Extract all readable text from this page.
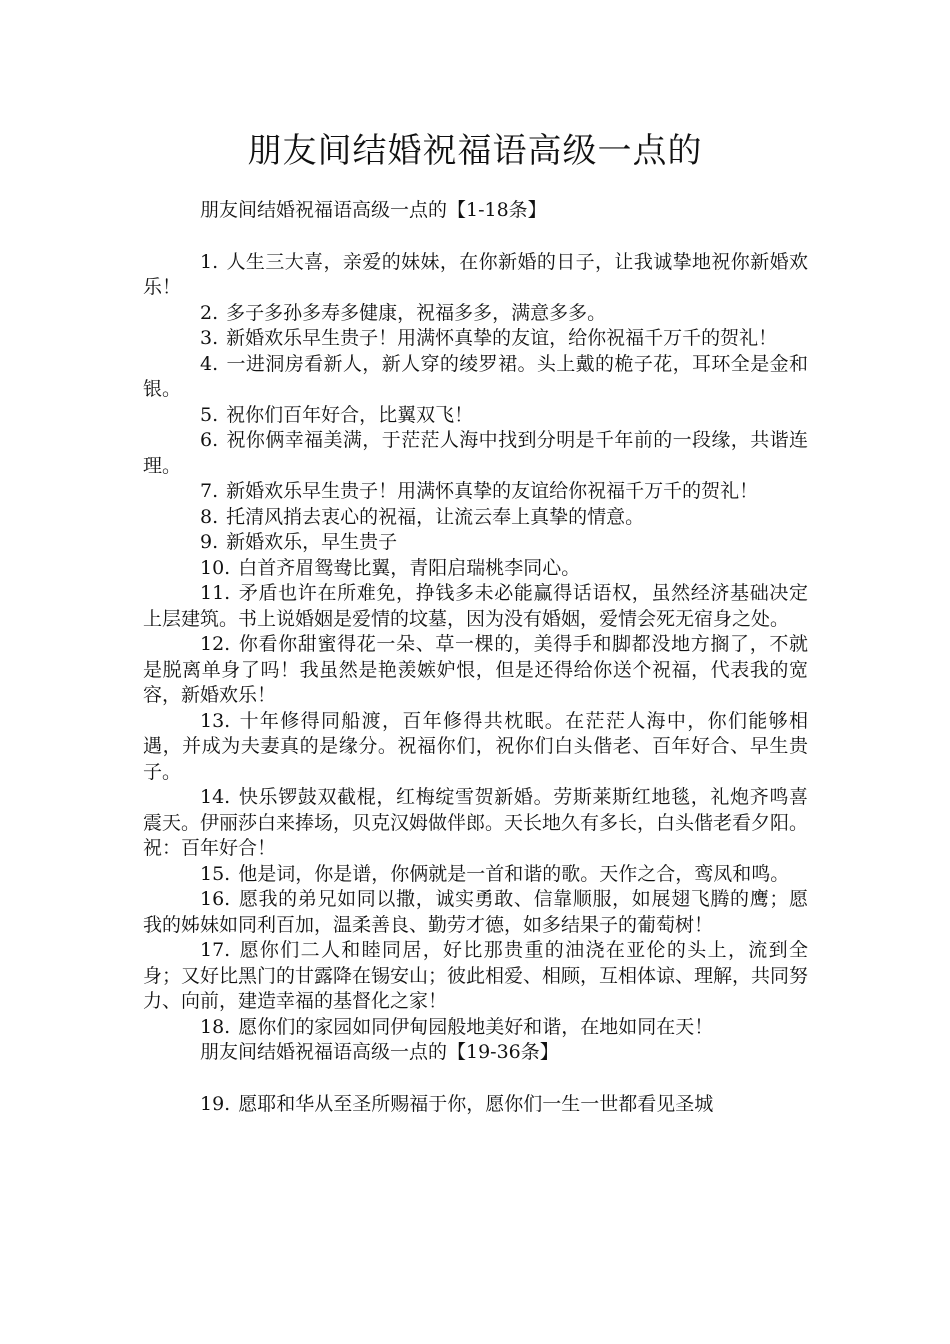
朋友间结婚祝福语高级一点的

朋友间结婚祝福语高级一点的【1-18条】

1. 人生三大喜，亲爱的妹妹，在你新婚的日子，让我诚挚地祝你新婚欢乐！

2. 多子多孙多寿多健康，祝福多多，满意多多。

3. 新婚欢乐早生贵子！用满怀真挚的友谊，给你祝福千万千的贺礼！

4. 一进洞房看新人，新人穿的绫罗裙。头上戴的桅子花，耳环全是金和银。

5. 祝你们百年好合，比翼双飞！

6. 祝你俩幸福美满，于茫茫人海中找到分明是千年前的一段缘，共谐连理。

7. 新婚欢乐早生贵子！用满怀真挚的友谊给你祝福千万千的贺礼！

8. 托清风捎去衷心的祝福，让流云奉上真挚的情意。

9. 新婚欢乐，早生贵子

10. 白首齐眉鸳鸯比翼，青阳启瑞桃李同心。

11. 矛盾也许在所难免，挣钱多未必能赢得话语权，虽然经济基础决定上层建筑。书上说婚姻是爱情的坟墓，因为没有婚姻，爱情会死无宿身之处。

12. 你看你甜蜜得花一朵、草一棵的，美得手和脚都没地方搁了，不就是脱离单身了吗！我虽然是艳羡嫉妒恨，但是还得给你送个祝福，代表我的宽容，新婚欢乐！

13. 十年修得同船渡，百年修得共枕眠。在茫茫人海中，你们能够相遇，并成为夫妻真的是缘分。祝福你们，祝你们白头偕老、百年好合、早生贵子。

14. 快乐锣鼓双截棍，红梅绽雪贺新婚。劳斯莱斯红地毯，礼炮齐鸣喜震天。伊丽莎白来捧场，贝克汉姆做伴郎。天长地久有多长，白头偕老看夕阳。祝：百年好合！

15. 他是词，你是谱，你俩就是一首和谐的歌。天作之合，鸾凤和鸣。

16. 愿我的弟兄如同以撒，诚实勇敢、信靠顺服，如展翅飞腾的鹰；愿我的姊妹如同利百加，温柔善良、勤劳才德，如多结果子的葡萄树！

17. 愿你们二人和睦同居，好比那贵重的油浇在亚伦的头上，流到全身；又好比黑门的甘露降在锡安山；彼此相爱、相顾，互相体谅、理解，共同努力、向前，建造幸福的基督化之家！

18. 愿你们的家园如同伊甸园般地美好和谐，在地如同在天！

朋友间结婚祝福语高级一点的【19-36条】

19. 愿耶和华从至圣所赐福于你，愿你们一生一世都看见圣城
